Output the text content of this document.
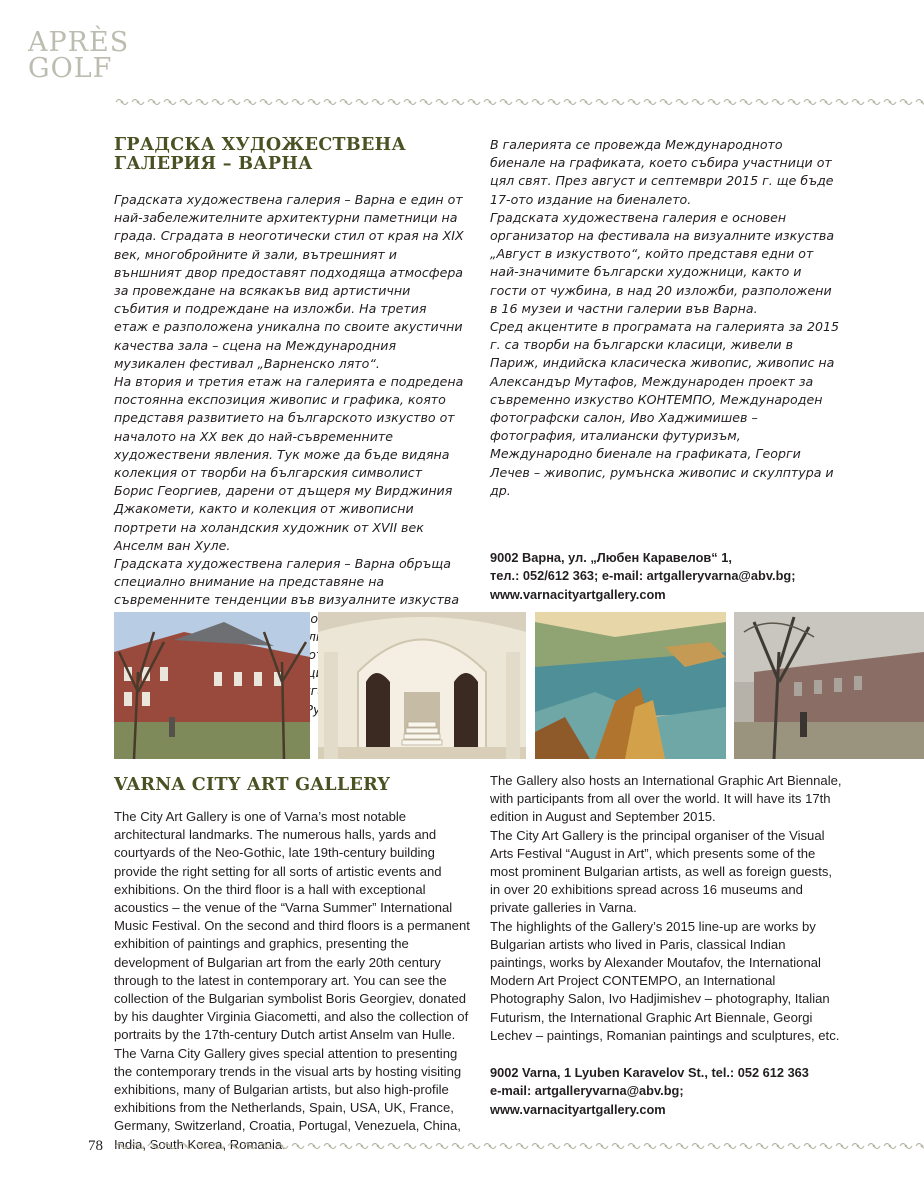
APRÈS
GOLF
ГРАДСКА ХУДОЖЕСТВЕНА ГАЛЕРИЯ – ВАРНА

Градската художествена галерия – Варна е един от най-забележителните архитектурни паметници на града. Сградата в неоготически стил от края на XIX век, многобройните й зали, вътрешният и външният двор предоставят подходяща атмосфера за провеждане на всякакъв вид артистични събития и подреждане на изложби. На третия етаж е разположена уникална по своите акустични качества зала – сцена на Международния музикален фестивал „Варненско лято“.

На втория и третия етаж на галерията е подредена постоянна експозиция живопис и графика, която представя развитието на българското изкуство от началото на XX век до най-съвременните художествени явления. Тук може да бъде видяна колекция от творби на българския символист Борис Георгиев, дарени от дъщеря му Вирджиния Джакомети, както и колекция от живописни портрети на холандския художник от XVII век Анселм ван Хуле.

Градската художествена галерия – Варна обръща специално внимание на представяне на съвременните тенденции във визуалните изкуства от Португалия,

В галерията се провежда Международното биенале на графиката, което събира участници от цял свят. През август и септември 2015 г. ще бъде 17-ото издание на биеналето.

Градската художествена галерия е основен организатор на фестивала на визуалните изкуства „Август в изкуството“, който представя едни от най-значимите български художници, както и гости от чужбина, в над 20 изложби, разположени в 16 музеи и частни галерии във Варна.

Сред акцентите в програмата на галерията за 2015 г. са творби на български класици, живели в Париж, индийска класическа живопис, живопис на Александър Мутафов, Международен проект за съвременно изкуство КОНТЕМПО, Международен фотографски салон, Иво Хаджимишев – фотография, италиански футуризъм, Международно биенале на графиката, Георги Лечев – живопис, румънска живопис и скулптура и др.

9002 Варна, ул. „Любен Каравелов“ 1,
тел.: 052/612 363; e-mail: artgalleryvarna@abv.bg;
www.varnacityartgallery.com
VARNA CITY ART GALLERY

The City Art Gallery is one of Varna’s most notable architectural landmarks. The numerous halls, yards and courtyards of the Neo-Gothic, late 19th-century building provide the right setting for all sorts of artistic events and exhibitions. On the third floor is a hall with exceptional acoustics – the venue of the “Varna Summer” International Music Festival. On the second and third floors is a permanent exhibition of paintings and graphics, presenting the development of Bulgarian art from the early 20th century through to the latest in contemporary art. You can see the collection of the Bulgarian symbolist Boris Georgiev, donated by his daughter Virginia Giacometti, and also the collection of portraits by the 17th-century Dutch artist Anselm van Hulle. The Varna City Gallery gives special attention to presenting the contemporary trends in the visual arts by hosting visiting exhibitions, many of Bulgarian artists, but also high-profile exhibitions from the Netherlands, Spain, USA, UK, France, Germany, Switzerland, Croatia, Portugal, Venezuela, China,

The Gallery also hosts an International Graphic Art Biennale, with participants from all over the world. It will have its 17th edition in August and September 2015.

The City Art Gallery is the principal organiser of the Visual Arts Festival “August in Art”, which presents some of the most prominent Bulgarian artists, as well as foreign guests, in over 20 exhibitions spread across 16 museums and private galleries in Varna.

The highlights of the Gallery’s 2015 line-up are works by Bulgarian artists who lived in Paris, classical Indian paintings, works by Alexander Moutafov, the International Modern Art Project CONTEMPO, an International Photography Salon, Ivo Hadjimishev – photography, Italian Futurism, the International Graphic Art Biennale, Georgi Lechev – paintings, Romanian paintings and sculptures, etc.

9002 Varna, 1 Lyuben Karavelov St., tel.: 052 612 363
e-mail: artgalleryvarna@abv.bg;
www.varnacityartgallery.com
78
